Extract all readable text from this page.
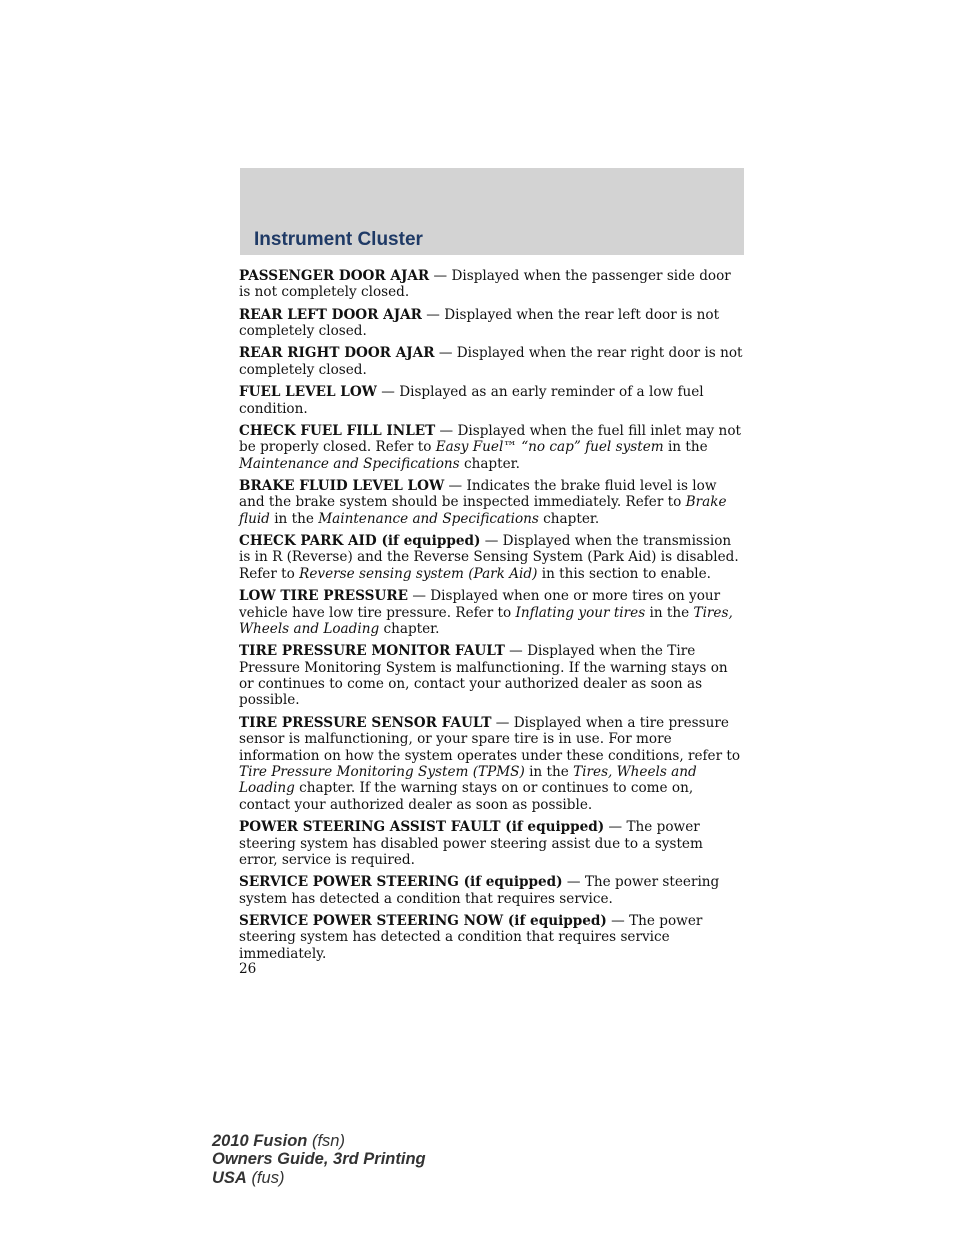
Instrument Cluster
PASSENGER DOOR AJAR — Displayed when the passenger side door is not completely closed.
REAR LEFT DOOR AJAR — Displayed when the rear left door is not completely closed.
REAR RIGHT DOOR AJAR — Displayed when the rear right door is not completely closed.
FUEL LEVEL LOW — Displayed as an early reminder of a low fuel condition.
CHECK FUEL FILL INLET — Displayed when the fuel fill inlet may not be properly closed. Refer to Easy Fuel™ “no cap” fuel system in the Maintenance and Specifications chapter.
BRAKE FLUID LEVEL LOW — Indicates the brake fluid level is low and the brake system should be inspected immediately. Refer to Brake fluid in the Maintenance and Specifications chapter.
CHECK PARK AID (if equipped) — Displayed when the transmission is in R (Reverse) and the Reverse Sensing System (Park Aid) is disabled. Refer to Reverse sensing system (Park Aid) in this section to enable.
LOW TIRE PRESSURE — Displayed when one or more tires on your vehicle have low tire pressure. Refer to Inflating your tires in the Tires, Wheels and Loading chapter.
TIRE PRESSURE MONITOR FAULT — Displayed when the Tire Pressure Monitoring System is malfunctioning. If the warning stays on or continues to come on, contact your authorized dealer as soon as possible.
TIRE PRESSURE SENSOR FAULT — Displayed when a tire pressure sensor is malfunctioning, or your spare tire is in use. For more information on how the system operates under these conditions, refer to Tire Pressure Monitoring System (TPMS) in the Tires, Wheels and Loading chapter. If the warning stays on or continues to come on, contact your authorized dealer as soon as possible.
POWER STEERING ASSIST FAULT (if equipped) — The power steering system has disabled power steering assist due to a system error, service is required.
SERVICE POWER STEERING (if equipped) — The power steering system has detected a condition that requires service.
SERVICE POWER STEERING NOW (if equipped) — The power steering system has detected a condition that requires service immediately.
26
2010 Fusion (fsn)
Owners Guide, 3rd Printing
USA (fus)
